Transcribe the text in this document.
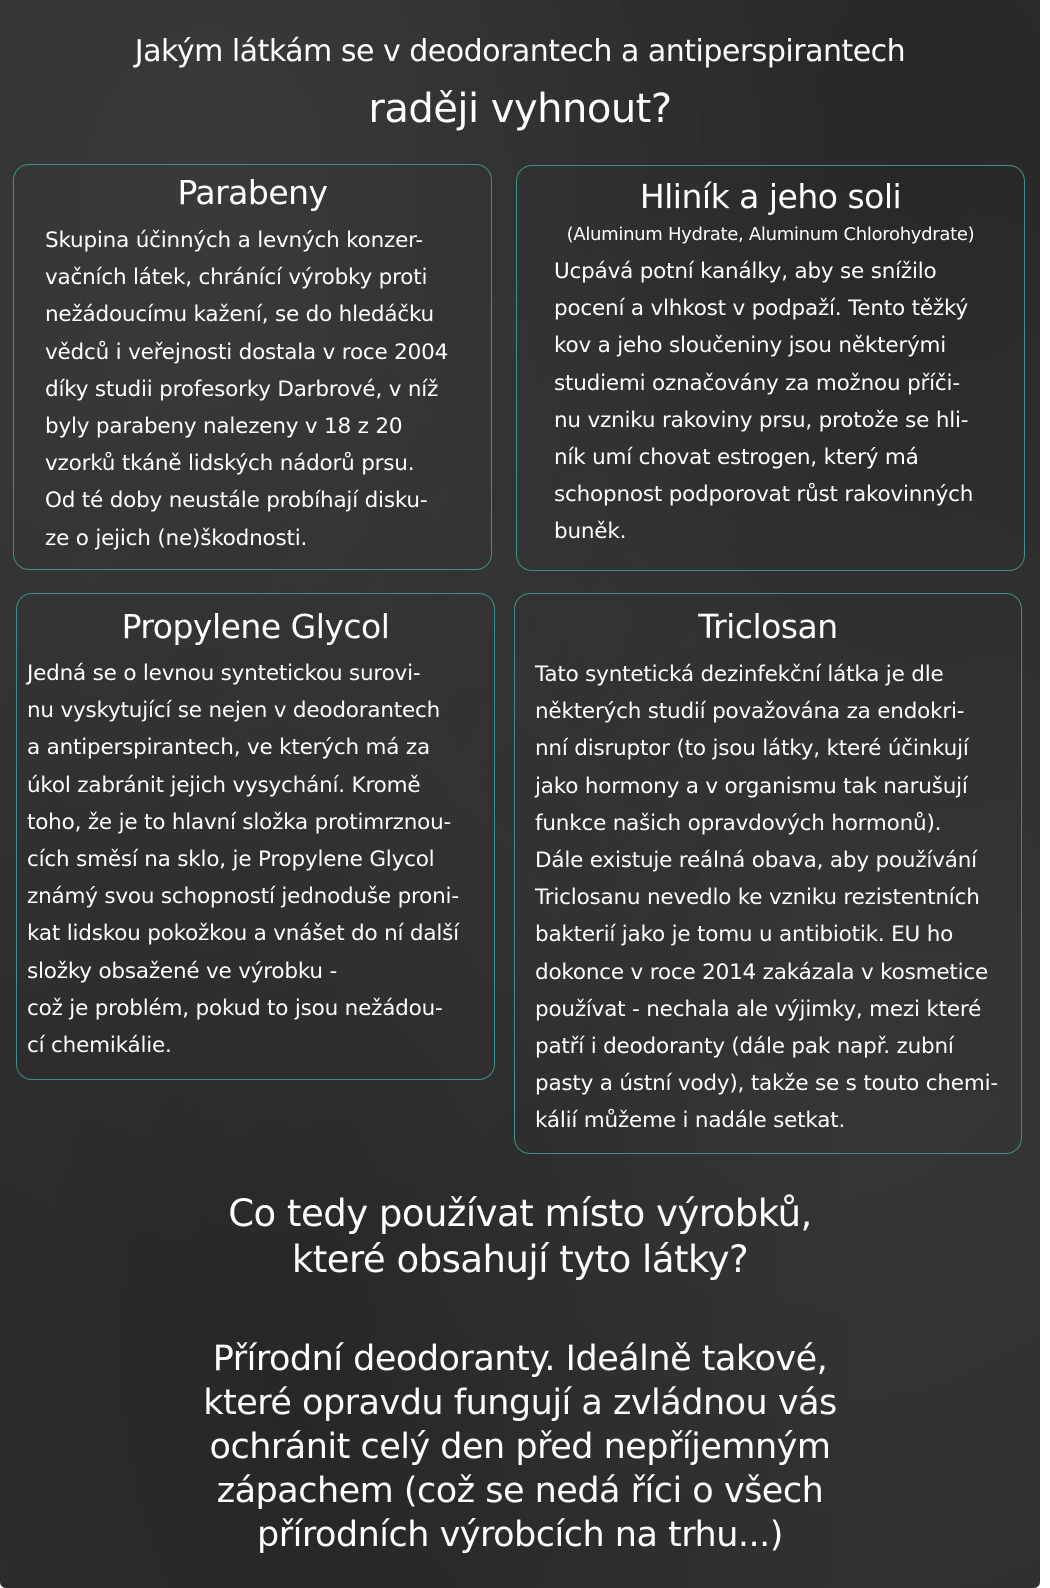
Jakým látkám se v deodorantech a antiperspirantech
raději vyhnout?
Parabeny
Skupina účinných a levných konzer-
vačních látek, chránící výrobky proti
nežádoucímu kažení, se do hledáčku
vědců i veřejnosti dostala v roce 2004
díky studii profesorky Darbrové, v níž
byly parabeny nalezeny v 18 z 20
vzorků tkáně lidských nádorů prsu.
Od té doby neustále probíhají disku-
ze o jejich (ne)škodnosti.
Hliník a jeho soli
(Aluminum Hydrate, Aluminum Chlorohydrate)
Ucpává potní kanálky, aby se snížilo
pocení a vlhkost v podpaží. Tento těžký
kov a jeho sloučeniny jsou některými
studiemi označovány za možnou příči-
nu vzniku rakoviny prsu, protože se hli-
ník umí chovat estrogen, který má
schopnost podporovat růst rakovinných
buněk.
Propylene Glycol
Jedná se o levnou syntetickou surovi-
nu vyskytující se nejen v deodorantech
a antiperspirantech, ve kterých má za
úkol zabránit jejich vysychání. Kromě
toho, že je to hlavní složka protimrznou-
cích směsí na sklo, je Propylene Glycol
známý svou schopností jednoduše proni-
kat lidskou pokožkou a vnášet do ní další
složky obsažené ve výrobku -
což je problém, pokud to jsou nežádou-
cí chemikálie.
Triclosan
Tato syntetická dezinfekční látka je dle
některých studií považována za endokri-
nní disruptor (to jsou látky, které účinkují
jako hormony a v organismu tak narušují
funkce našich opravdových hormonů).
Dále existuje reálná obava, aby používání
Triclosanu nevedlo ke vzniku rezistentních
bakterií jako je tomu u antibiotik. EU ho
dokonce v roce 2014 zakázala v kosmetice
používat - nechala ale výjimky, mezi které
patří i deodoranty (dále pak např. zubní
pasty a ústní vody), takže se s touto chemi-
kálií můžeme i nadále setkat.
Co tedy používat místo výrobků,
které obsahují tyto látky?
Přírodní deodoranty. Ideálně takové,
které opravdu fungují a zvládnou vás
ochránit celý den před nepříjemným
zápachem (což se nedá říci o všech
přírodních výrobcích na trhu...)
